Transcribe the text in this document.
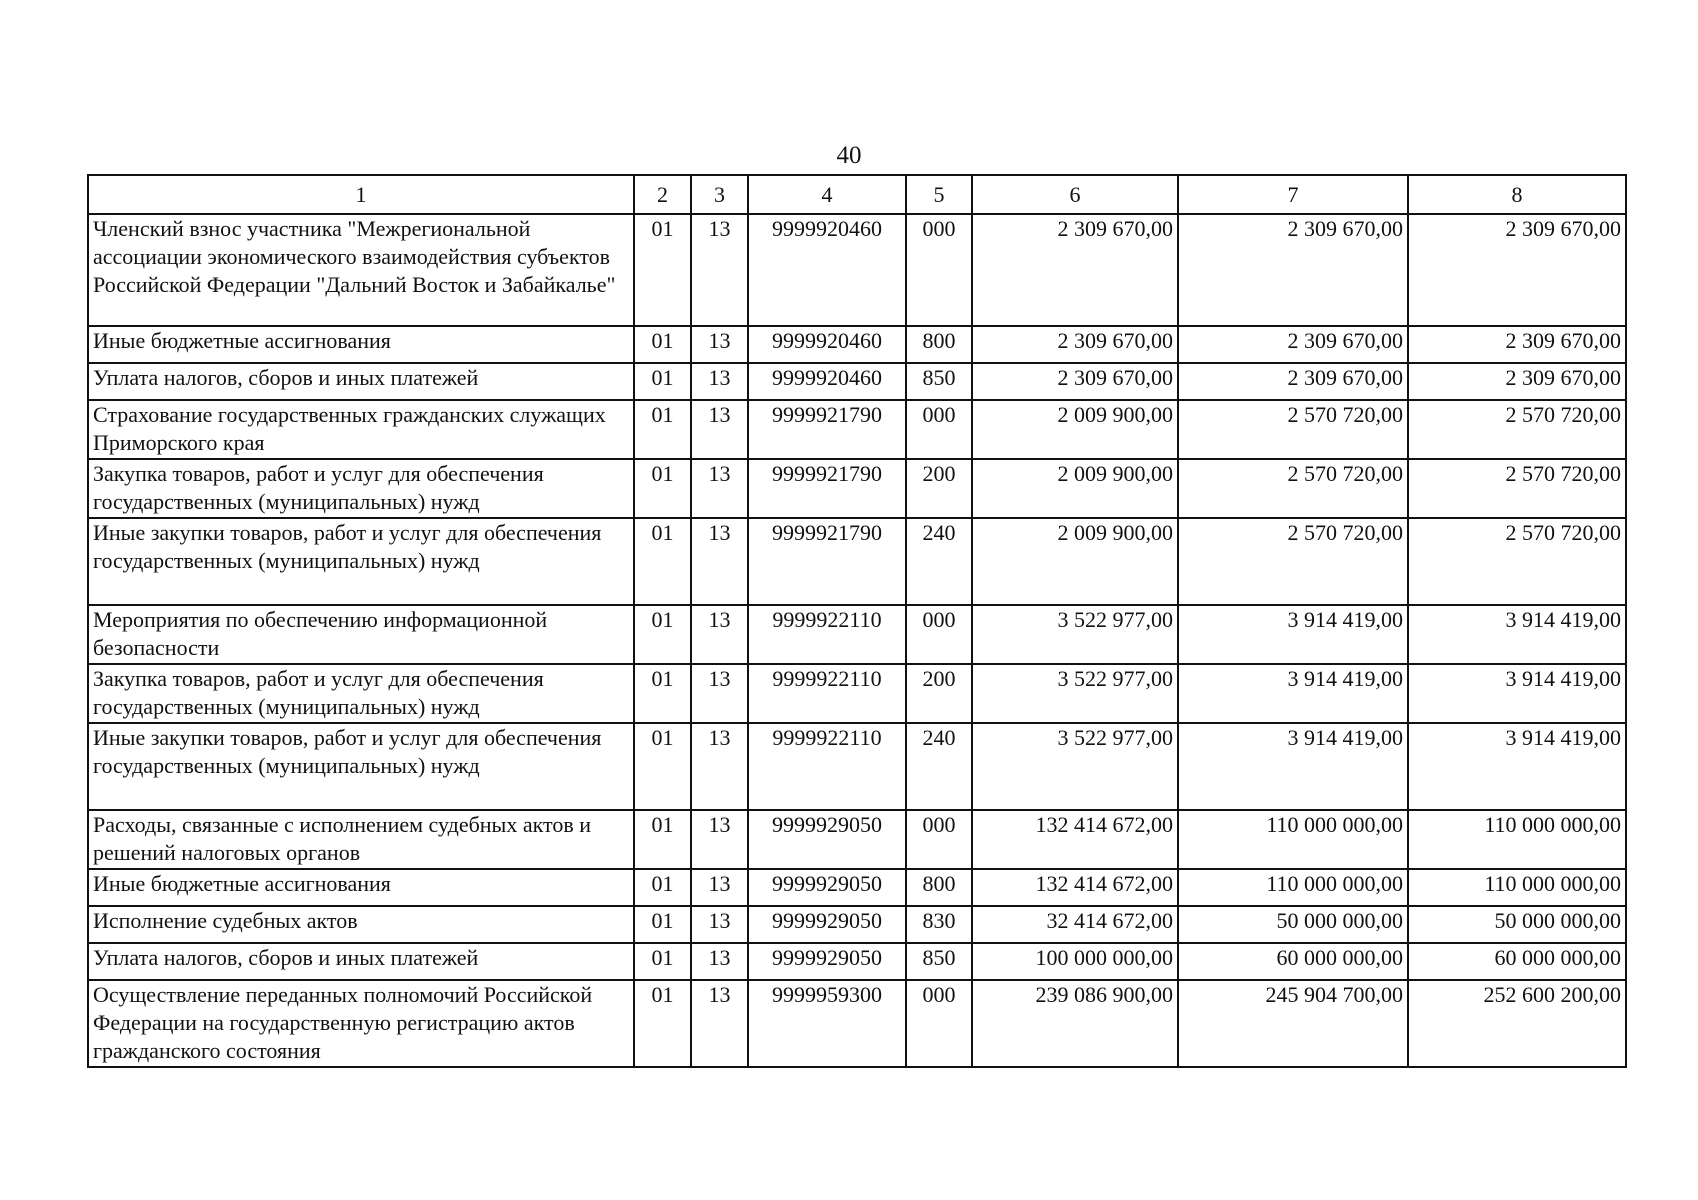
40
1	2	3	4	5	6	7	8
Членский взнос участника "Межрегиональной ассоциации экономического взаимодействия субъектов Российской Федерации "Дальний Восток и Забайкалье"	01	13	9999920460	000	2 309 670,00	2 309 670,00	2 309 670,00
Иные бюджетные ассигнования	01	13	9999920460	800	2 309 670,00	2 309 670,00	2 309 670,00
Уплата налогов, сборов и иных платежей	01	13	9999920460	850	2 309 670,00	2 309 670,00	2 309 670,00
Страхование государственных гражданских служащих Приморского края	01	13	9999921790	000	2 009 900,00	2 570 720,00	2 570 720,00
Закупка товаров, работ и услуг для обеспечения государственных (муниципальных) нужд	01	13	9999921790	200	2 009 900,00	2 570 720,00	2 570 720,00
Иные закупки товаров, работ и услуг для обеспечения государственных (муниципальных) нужд	01	13	9999921790	240	2 009 900,00	2 570 720,00	2 570 720,00
Мероприятия по обеспечению информационной безопасности	01	13	9999922110	000	3 522 977,00	3 914 419,00	3 914 419,00
Закупка товаров, работ и услуг для обеспечения государственных (муниципальных) нужд	01	13	9999922110	200	3 522 977,00	3 914 419,00	3 914 419,00
Иные закупки товаров, работ и услуг для обеспечения государственных (муниципальных) нужд	01	13	9999922110	240	3 522 977,00	3 914 419,00	3 914 419,00
Расходы, связанные с исполнением судебных актов и решений налоговых органов	01	13	9999929050	000	132 414 672,00	110 000 000,00	110 000 000,00
Иные бюджетные ассигнования	01	13	9999929050	800	132 414 672,00	110 000 000,00	110 000 000,00
Исполнение судебных актов	01	13	9999929050	830	32 414 672,00	50 000 000,00	50 000 000,00
Уплата налогов, сборов и иных платежей	01	13	9999929050	850	100 000 000,00	60 000 000,00	60 000 000,00
Осуществление переданных полномочий Российской Федерации на государственную регистрацию актов гражданского состояния	01	13	9999959300	000	239 086 900,00	245 904 700,00	252 600 200,00
